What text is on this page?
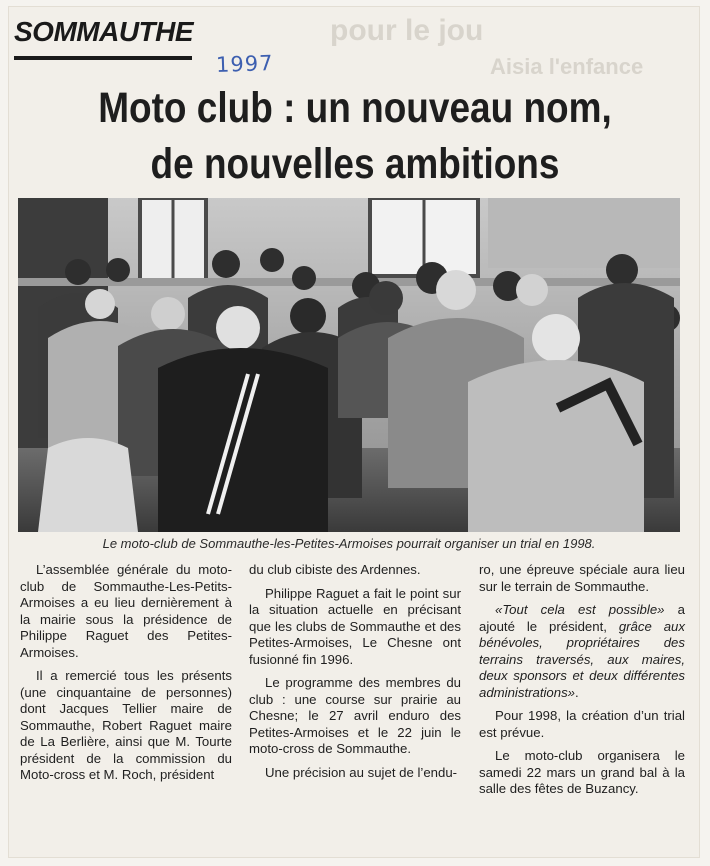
pour le jou
Aisia l'enfance
SOMMAUTHE
1997
Moto club : un nouveau nom,
de nouvelles ambitions
Le moto-club de Sommauthe-les-Petites-Armoises pourrait organiser un trial en 1998.

L’assemblée générale du moto-club de Sommauthe-Les-Petits-Armoises a eu lieu dernièrement à la mairie sous la présidence de Philippe Raguet des Petites-Armoises.

Il a remercié tous les présents (une cinquantaine de personnes) dont Jacques Tellier maire de Sommauthe, Robert Raguet maire de La Berlière, ainsi que M. Tourte président de la commission du Moto-cross et M. Roch, président

du club cibiste des Ardennes.

Philippe Raguet a fait le point sur la situation actuelle en précisant que les clubs de Sommauthe et des Petites-Armoises, Le Chesne ont fusionné fin 1996.

Le programme des membres du club : une course sur prairie au Chesne; le 27 avril enduro des Petites-Armoises et le 22 juin le moto-cross de Sommauthe.

Une précision au sujet de l’endu-

ro, une épreuve spéciale aura lieu sur le terrain de Sommauthe.

«Tout cela est possible» a ajouté le président, grâce aux bénévoles, propriétaires des terrains traversés, aux maires, deux sponsors et deux différentes administrations».

Pour 1998, la création d’un trial est prévue.

Le moto-club organisera le samedi 22 mars un grand bal à la salle des fêtes de Buzancy.
